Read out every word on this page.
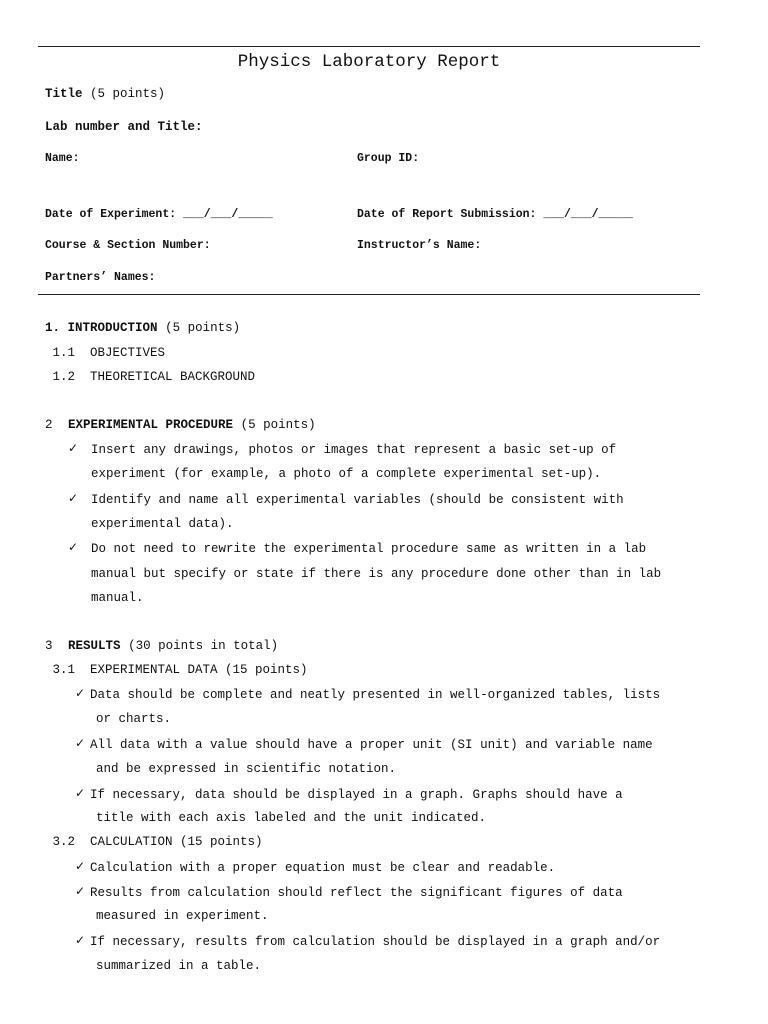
Physics Laboratory Report
Title (5 points)
Lab number and Title:
Name:	Group ID:
Date of Experiment: ___/___/_____	Date of Report Submission: ___/___/_____
Course & Section Number:	Instructor’s Name:
Partners’ Names:
1. INTRODUCTION (5 points)
1.1  OBJECTIVES
1.2  THEORETICAL BACKGROUND
2 EXPERIMENTAL PROCEDURE (5 points)
✓ Insert any drawings, photos or images that represent a basic set-up of
experiment (for example, a photo of a complete experimental set-up).
✓ Identify and name all experimental variables (should be consistent with
experimental data).
✓ Do not need to rewrite the experimental procedure same as written in a lab
manual but specify or state if there is any procedure done other than in lab
manual.
3 RESULTS (30 points in total)
3.1  EXPERIMENTAL DATA (15 points)
✓ Data should be complete and neatly presented in well-organized tables, lists
or charts.
✓ All data with a value should have a proper unit (SI unit) and variable name
and be expressed in scientific notation.
✓ If necessary, data should be displayed in a graph. Graphs should have a
title with each axis labeled and the unit indicated.
3.2  CALCULATION (15 points)
✓ Calculation with a proper equation must be clear and readable.
✓ Results from calculation should reflect the significant figures of data
measured in experiment.
✓ If necessary, results from calculation should be displayed in a graph and/or
summarized in a table.
